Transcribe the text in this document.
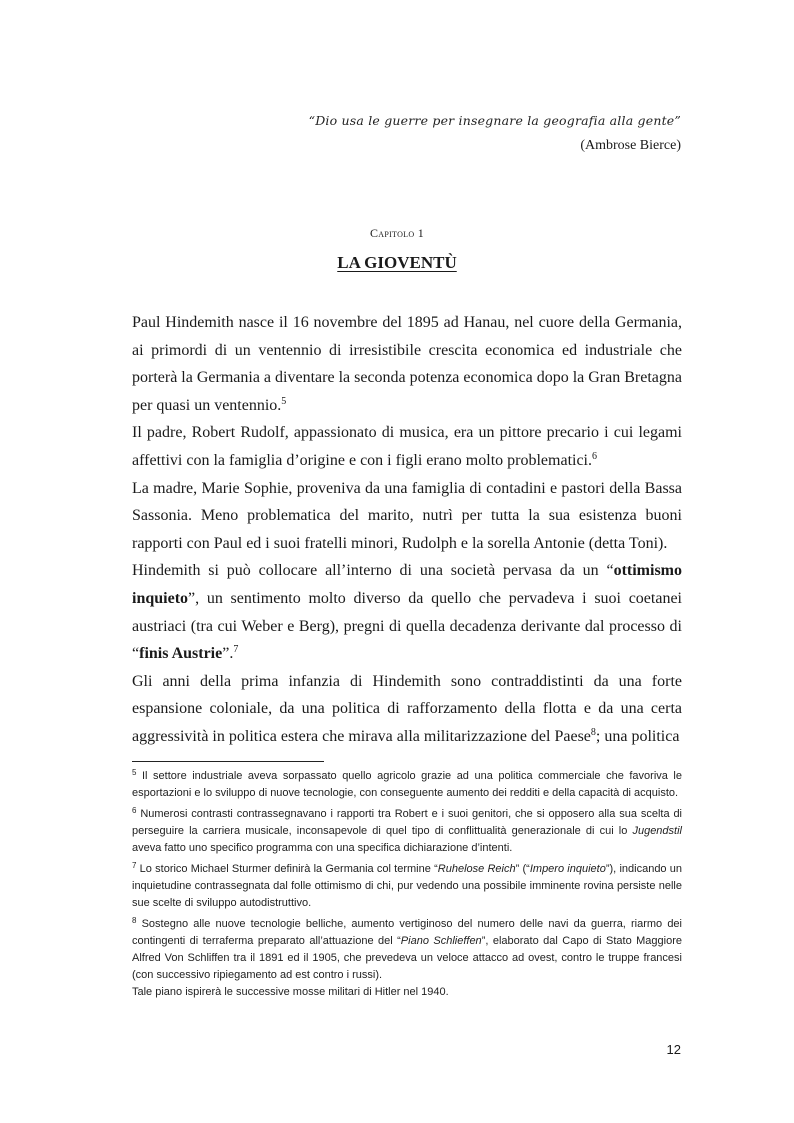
“Dio usa le guerre per insegnare la geografia alla gente”
(Ambrose Bierce)
Capitolo 1
LA GIOVENTÙ

Paul Hindemith nasce il 16 novembre del 1895 ad Hanau, nel cuore della Germania, ai primordi di un ventennio di irresistibile crescita economica ed industriale che porterà la Germania a diventare la seconda potenza economica dopo la Gran Bretagna per quasi un ventennio.$^5$

Il padre, Robert Rudolf, appassionato di musica, era un pittore precario i cui legami affettivi con la famiglia d’origine e con i figli erano molto problematici.$^6$

La madre, Marie Sophie, proveniva da una famiglia di contadini e pastori della Bassa Sassonia. Meno problematica del marito, nutrì per tutta la sua esistenza buoni rapporti con Paul ed i suoi fratelli minori, Rudolph e la sorella Antonie (detta Toni).

Hindemith si può collocare all’interno di una società pervasa da un “ottimismo inquieto”, un sentimento molto diverso da quello che pervadeva i suoi coetanei austriaci (tra cui Weber e Berg), pregni di quella decadenza derivante dal processo di “finis Austrie”.$^7$

Gli anni della prima infanzia di Hindemith sono contraddistinti da una forte espansione coloniale, da una politica di rafforzamento della flotta e da una certa aggressività in politica estera che mirava alla militarizzazione del Paese$^8$; una politica

$^5$ Il settore industriale aveva sorpassato quello agricolo grazie ad una politica commerciale che favoriva le esportazioni e lo sviluppo di nuove tecnologie, con conseguente aumento dei redditi e della capacità di acquisto.

$^6$ Numerosi contrasti contrassegnavano i rapporti tra Robert e i suoi genitori, che si opposero alla sua scelta di perseguire la carriera musicale, inconsapevole di quel tipo di conflittualità generazionale di cui lo Jugendstil aveva fatto uno specifico programma con una specifica dichiarazione d’intenti.

$^7$ Lo storico Michael Sturmer definirà la Germania col termine “Ruhelose Reich” (“Impero inquieto”), indicando un inquietudine contrassegnata dal folle ottimismo di chi, pur vedendo una possibile imminente rovina persiste nelle sue scelte di sviluppo autodistruttivo.

$^8$ Sostegno alle nuove tecnologie belliche, aumento vertiginoso del numero delle navi da guerra, riarmo dei contingenti di terraferma preparato all’attuazione del “Piano Schlieffen”, elaborato dal Capo di Stato Maggiore Alfred Von Schliffen tra il 1891 ed il 1905, che prevedeva un veloce attacco ad ovest, contro le truppe francesi (con successivo ripiegamento ad est contro i russi).
Tale piano ispirerà le successive mosse militari di Hitler nel 1940.

12
